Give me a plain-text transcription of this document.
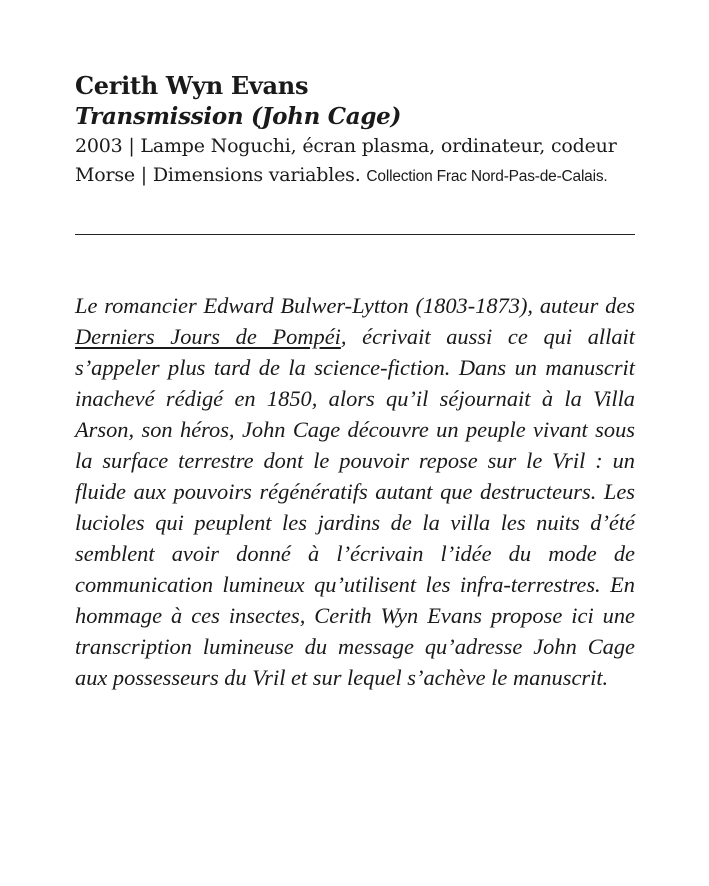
Cerith Wyn Evans
Transmission (John Cage)
2003 | Lampe Noguchi, écran plasma, ordinateur, codeur Morse | Dimensions variables. Collection Frac Nord-Pas-de-Calais.
Le romancier Edward Bulwer-Lytton (1803-1873), auteur des Derniers Jours de Pompéi, écrivait aussi ce qui allait s’appeler plus tard de la science-fiction. Dans un manuscrit inachevé rédigé en 1850, alors qu’il séjournait à la Villa Arson, son héros, John Cage découvre un peuple vivant sous la surface terrestre dont le pouvoir repose sur le Vril : un fluide aux pouvoirs régénératifs autant que destructeurs. Les lucioles qui peuplent les jardins de la villa les nuits d’été semblent avoir donné à l’écrivain l’idée du mode de communication lumineux qu’utilisent les infra-terrestres. En hommage à ces insectes, Cerith Wyn Evans propose ici une transcription lumineuse du message qu’adresse John Cage aux possesseurs du Vril et sur lequel s’achève le manuscrit.
